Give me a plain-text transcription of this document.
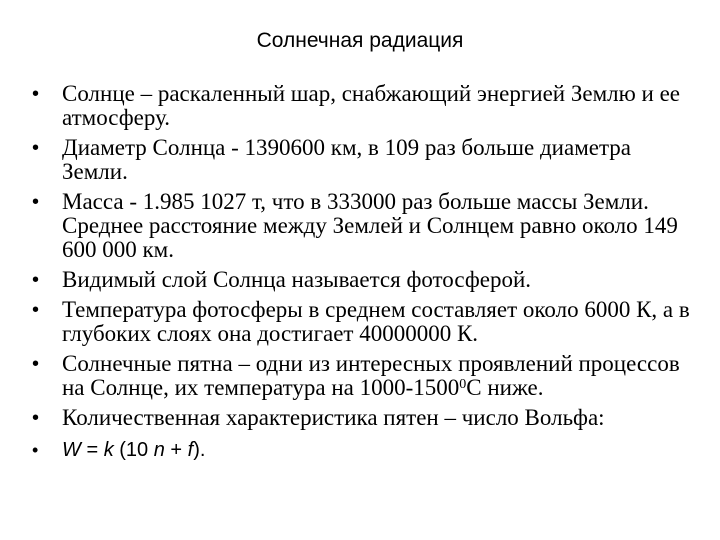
Солнечная радиация
• Солнце – раскаленный шар, снабжающий энергией Землю и ее атмосферу.
• Диаметр Солнца - 1390600 км, в 109 раз больше диаметра Земли.
• Масса - 1.985 1027 т, что в 333000 раз больше массы Земли. Среднее расстояние между Землей и Солнцем равно около 149 600 000 км.
• Видимый слой Солнца называется фотосферой.
• Температура фотосферы в среднем составляет около 6000 К, а в глубоких слоях она достигает 40000000 К.
• Солнечные пятна – одни из интересных проявлений процессов на Солнце, их температура на 1000-1500$^0$С ниже.
• Количественная характеристика пятен – число Вольфа:
• W = k (10 n + f).
